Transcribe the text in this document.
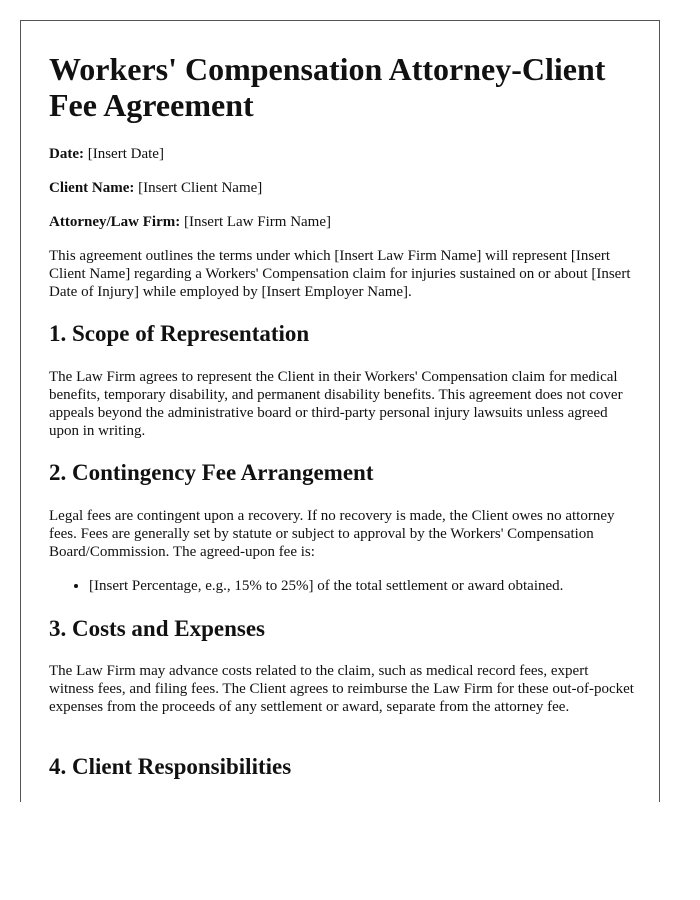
Workers' Compensation Attorney-Client Fee Agreement
Date: [Insert Date]
Client Name: [Insert Client Name]
Attorney/Law Firm: [Insert Law Firm Name]

This agreement outlines the terms under which [Insert Law Firm Name] will represent [Insert Client Name] regarding a Workers' Compensation claim for injuries sustained on or about [Insert Date of Injury] while employed by [Insert Employer Name].

1. Scope of Representation

The Law Firm agrees to represent the Client in their Workers' Compensation claim for medical benefits, temporary disability, and permanent disability benefits. This agreement does not cover appeals beyond the administrative board or third-party personal injury lawsuits unless agreed upon in writing.

2. Contingency Fee Arrangement

Legal fees are contingent upon a recovery. If no recovery is made, the Client owes no attorney fees. Fees are generally set by statute or subject to approval by the Workers' Compensation Board/Commission. The agreed-upon fee is:

• [Insert Percentage, e.g., 15% to 25%] of the total settlement or award obtained.
3. Costs and Expenses

The Law Firm may advance costs related to the claim, such as medical record fees, expert witness fees, and filing fees. The Client agrees to reimburse the Law Firm for these out-of-pocket expenses from the proceeds of any settlement or award, separate from the attorney fee.

4. Client Responsibilities
